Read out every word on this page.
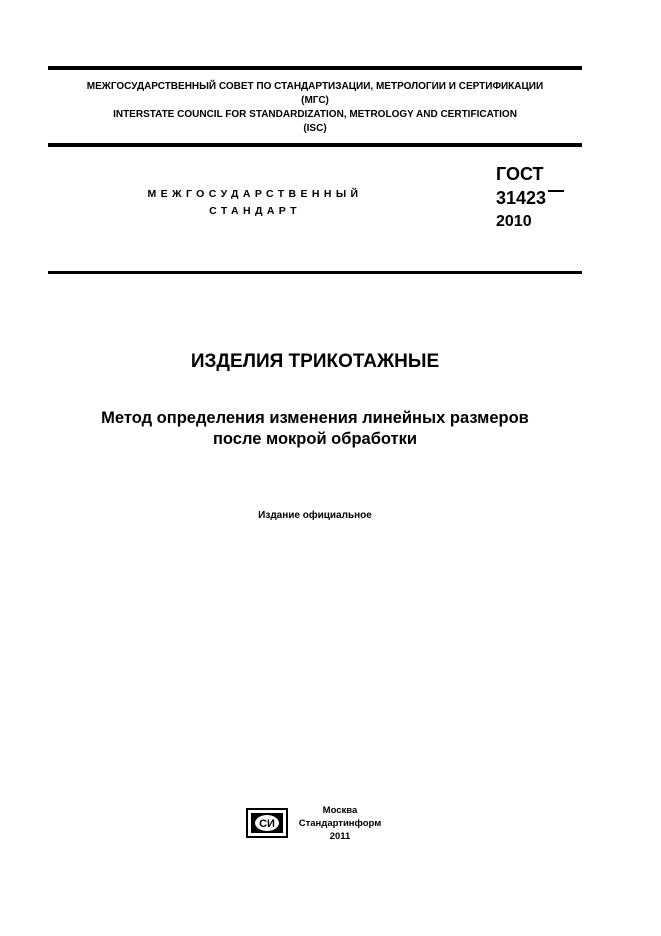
МЕЖГОСУДАРСТВЕННЫЙ СОВЕТ ПО СТАНДАРТИЗАЦИИ, МЕТРОЛОГИИ И СЕРТИФИКАЦИИ
(МГС)
INTERSTATE COUNCIL FOR STANDARDIZATION, METROLOGY AND CERTIFICATION
(ISC)
МЕЖГОСУДАРСТВЕННЫЙ
СТАНДАРТ
ГОСТ
31423
2010
ИЗДЕЛИЯ ТРИКОТАЖНЫЕ
Метод определения изменения линейных размеров
после мокрой обработки
Издание официальное
СИ
Москва
Стандартинформ
2011
